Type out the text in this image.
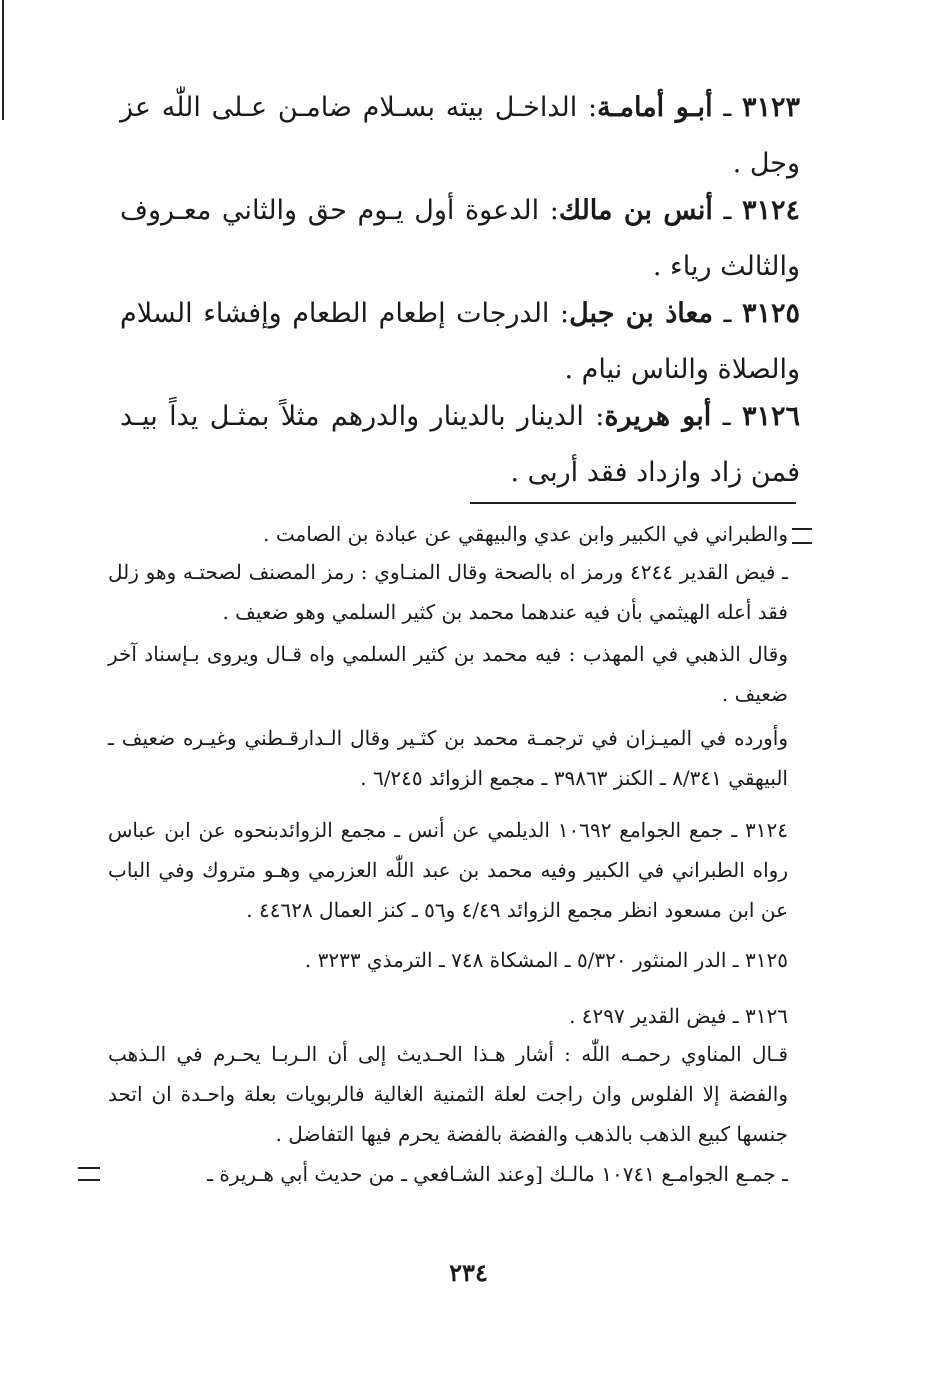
٣١٢٣ ـ أبـو أمامـة: الداخـل بيته بسـلام ضامـن عـلى اللّٰه عز وجل .
٣١٢٤ ـ أنس بن مالك: الدعوة أول يـوم حق والثاني معـروف والثالث رياء .
٣١٢٥ ـ معاذ بن جبل: الدرجات إطعام الطعام وإفشاء السلام والصلاة والناس نيام .
٣١٢٦ ـ أبو هريرة: الدينار بالدينار والدرهم مثلاً بمثـل يداً بيـد فمن زاد وازداد فقد أربى .
والطبراني في الكبير وابن عدي والبيهقي عن عبادة بن الصامت .
ـ فيض القدير ٤٢٤٤ ورمز اه بالصحة وقال المنـاوي : رمز المصنف لصحتـه وهو زلل فقد أعله الهيثمي بأن فيه عندهما محمد بن كثير السلمي وهو ضعيف .
وقال الذهبي في المهذب : فيه محمد بن كثير السلمي واه قـال ويروى بـإسناد آخر ضعيف .
وأورده في الميـزان في ترجمـة محمد بن كثـير وقال الـدارقـطني وغيـره ضعيف ـ البيهقي ٨/٣٤١ ـ الكنز ٣٩٨٦٣ ـ مجمع الزوائد ٦/٢٤٥ .
٣١٢٤ ـ جمع الجوامع ١٠٦٩٢ الديلمي عن أنس ـ مجمع الزوائدبنحوه عن ابن عباس رواه الطبراني في الكبير وفيه محمد بن عبد اللّٰه العزرمي وهـو متروك وفي الباب عن ابن مسعود انظر مجمع الزوائد ٤/٤٩ و٥٦ ـ كنز العمال ٤٤٦٢٨ .
٣١٢٥ ـ الدر المنثور ٥/٣٢٠ ـ المشكاة ٧٤٨ ـ الترمذي ٣٢٣٣ .
٣١٢٦ ـ فيض القدير ٤٢٩٧ .
قـال المناوي رحمـه اللّٰه : أشار هـذا الحـديث إلى أن الـربـا يحـرم في الـذهب والفضة إلا الفلوس وان راجت لعلة الثمنية الغالية فالربويات بعلة واحـدة ان اتحد جنسها كبيع الذهب بالذهب والفضة بالفضة يحرم فيها التفاضل .
ـ جمـع الجوامـع ١٠٧٤١ مالـك [وعند الشـافعي ـ من حديث أبي هـريرة ـ
٢٣٤
